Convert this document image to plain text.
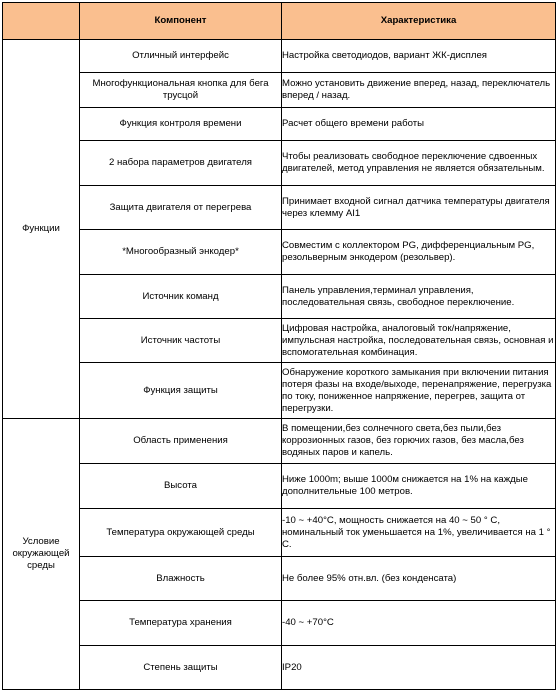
	Компонент	Характеристика
Функции	Отличный интерфейс	Настройка светодиодов, вариант ЖК-дисплея
	Многофункциональная кнопка для бега трусцой	Можно установить движение вперед, назад, переключатель вперед / назад.
	Функция контроля времени	Расчет общего времени работы
	2 набора параметров двигателя	Чтобы реализовать свободное переключение сдвоенных двигателей, метод управления не является обязательным.
	Защита двигателя от перегрева	Принимает входной сигнал датчика температуры двигателя через клемму AI1
	*Многообразный энкодер*	Совместим с коллектором PG, дифференциальным PG, резольверным энкодером (резольвер).
	Источник команд	Панель управления,терминал управления, последовательная связь, свободное переключение.
	Источник частоты	Цифровая настройка, аналоговый ток/напряжение, импульсная настройка, последовательная связь, основная и вспомогательная комбинация.
	Функция защиты	Обнаружение короткого замыкания при включении питания потеря фазы на входе/выходе, перенапряжение, перегрузка по току, пониженное напряжение, перегрев, защита от перегрузки.
Условие окружающей среды	Область применения	В помещении,без солнечного света,без пыли,без коррозионных газов, без горючих газов, без масла,без водяных паров и капель.
	Высота	Ниже 1000m; выше 1000м снижается на 1% на каждые дополнительные 100 метров.
	Температура окружающей среды	-10 ~ +40°C, мощность снижается на 40 ~ 50 ° C, номинальный ток уменьшается на 1%, увеличивается на 1 ° C.
	Влажность	Не более 95% отн.вл. (без конденсата)
	Температура хранения	-40 ~ +70°C
	Степень защиты	IP20
